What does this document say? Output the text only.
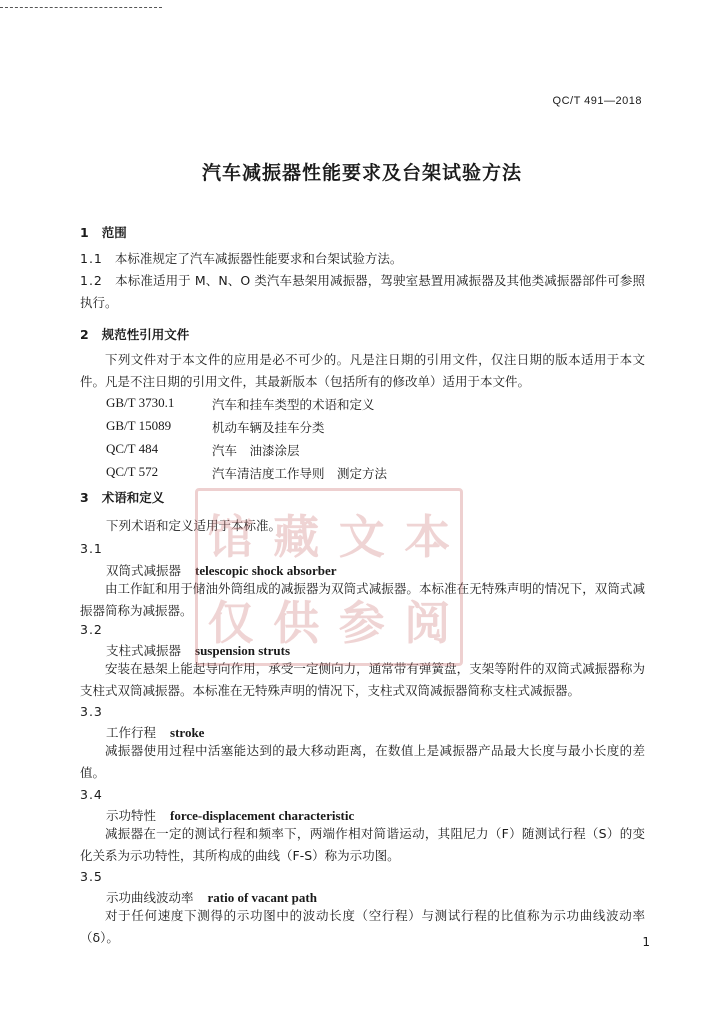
QC/T 491—2018
汽车减振器性能要求及台架试验方法
1 范围
1.1 本标准规定了汽车减振器性能要求和台架试验方法。
1.2 本标准适用于 M、N、O 类汽车悬架用减振器，驾驶室悬置用减振器及其他类减振器部件可参照执行。
2 规范性引用文件
下列文件对于本文件的应用是必不可少的。凡是注日期的引用文件，仅注日期的版本适用于本文件。凡是不注日期的引用文件，其最新版本（包括所有的修改单）适用于本文件。
GB/T 3730.1	汽车和挂车类型的术语和定义
GB/T 15089	机动车辆及挂车分类
QC/T 484	汽车　油漆涂层
QC/T 572	汽车清洁度工作导则　测定方法
3 术语和定义
下列术语和定义适用于本标准。
3.1
双筒式减振器 telescopic shock absorber
由工作缸和用于储油外筒组成的减振器为双筒式减振器。本标准在无特殊声明的情况下，双筒式减振器简称为减振器。
3.2
支柱式减振器 suspension struts
安装在悬架上能起导向作用，承受一定侧向力，通常带有弹簧盘，支架等附件的双筒式减振器称为支柱式双筒减振器。本标准在无特殊声明的情况下，支柱式双筒减振器简称支柱式减振器。
3.3
工作行程 stroke
减振器使用过程中活塞能达到的最大移动距离，在数值上是减振器产品最大长度与最小长度的差值。
3.4
示功特性 force-displacement characteristic
减振器在一定的测试行程和频率下，两端作相对简谐运动，其阻尼力（F）随测试行程（S）的变化关系为示功特性，其所构成的曲线（F-S）称为示功图。
3.5
示功曲线波动率 ratio of vacant path
对于任何速度下测得的示功图中的波动长度（空行程）与测试行程的比值称为示功曲线波动率（δ）。
馆 藏 文 本
仅 供 参 阅
1
